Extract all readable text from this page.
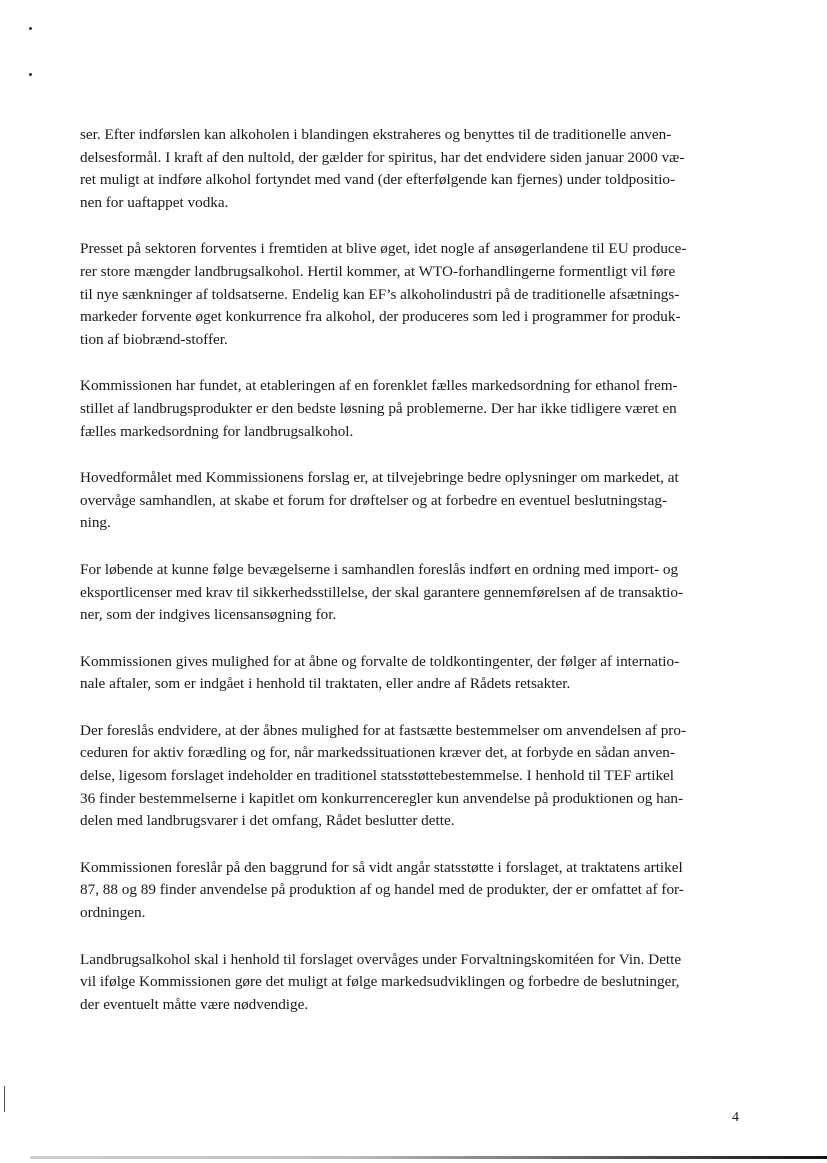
ser. Efter indførslen kan alkoholen i blandingen ekstraheres og benyttes til de traditionelle anven-
delsesformål. I kraft af den nultold, der gælder for spiritus, har det endvidere siden januar 2000 væ-
ret muligt at indføre alkohol fortyndet med vand (der efterfølgende kan fjernes) under toldpositio-
nen for uaftappet vodka.

Presset på sektoren forventes i fremtiden at blive øget, idet nogle af ansøgerlandene til EU produce-
rer store mængder landbrugsalkohol. Hertil kommer, at WTO-forhandlingerne formentligt vil føre
til nye sænkninger af toldsatserne. Endelig kan EF’s alkoholindustri på de traditionelle afsætnings-
markeder forvente øget konkurrence fra alkohol, der produceres som led i programmer for produk-
tion af biobrænd-stoffer.

Kommissionen har fundet, at etableringen af en forenklet fælles markedsordning for ethanol frem-
stillet af landbrugsprodukter er den bedste løsning på problemerne. Der har ikke tidligere været en
fælles markedsordning for landbrugsalkohol.

Hovedformålet med Kommissionens forslag er, at tilvejebringe bedre oplysninger om markedet, at
overvåge samhandlen, at skabe et forum for drøftelser og at forbedre en eventuel beslutningstag-
ning.

For løbende at kunne følge bevægelserne i samhandlen foreslås indført en ordning med import- og
eksportlicenser med krav til sikkerhedsstillelse, der skal garantere gennemførelsen af de transaktio-
ner, som der indgives licensansøgning for.

Kommissionen gives mulighed for at åbne og forvalte de toldkontingenter, der følger af internatio-
nale aftaler, som er indgået i henhold til traktaten, eller andre af Rådets retsakter.

Der foreslås endvidere, at der åbnes mulighed for at fastsætte bestemmelser om anvendelsen af pro-
ceduren for aktiv forædling og for, når markedssituationen kræver det, at forbyde en sådan anven-
delse, ligesom forslaget indeholder en traditionel statsstøttebestemmelse. I henhold til TEF artikel
36 finder bestemmelserne i kapitlet om konkurrenceregler kun anvendelse på produktionen og han-
delen med landbrugsvarer i det omfang, Rådet beslutter dette.

Kommissionen foreslår på den baggrund for så vidt angår statsstøtte i forslaget, at traktatens artikel
87, 88 og 89 finder anvendelse på produktion af og handel med de produkter, der er omfattet af for-
ordningen.

Landbrugsalkohol skal i henhold til forslaget overvåges under Forvaltningskomitéen for Vin. Dette
vil ifølge Kommissionen gøre det muligt at følge markedsudviklingen og forbedre de beslutninger,
der eventuelt måtte være nødvendige.

4
